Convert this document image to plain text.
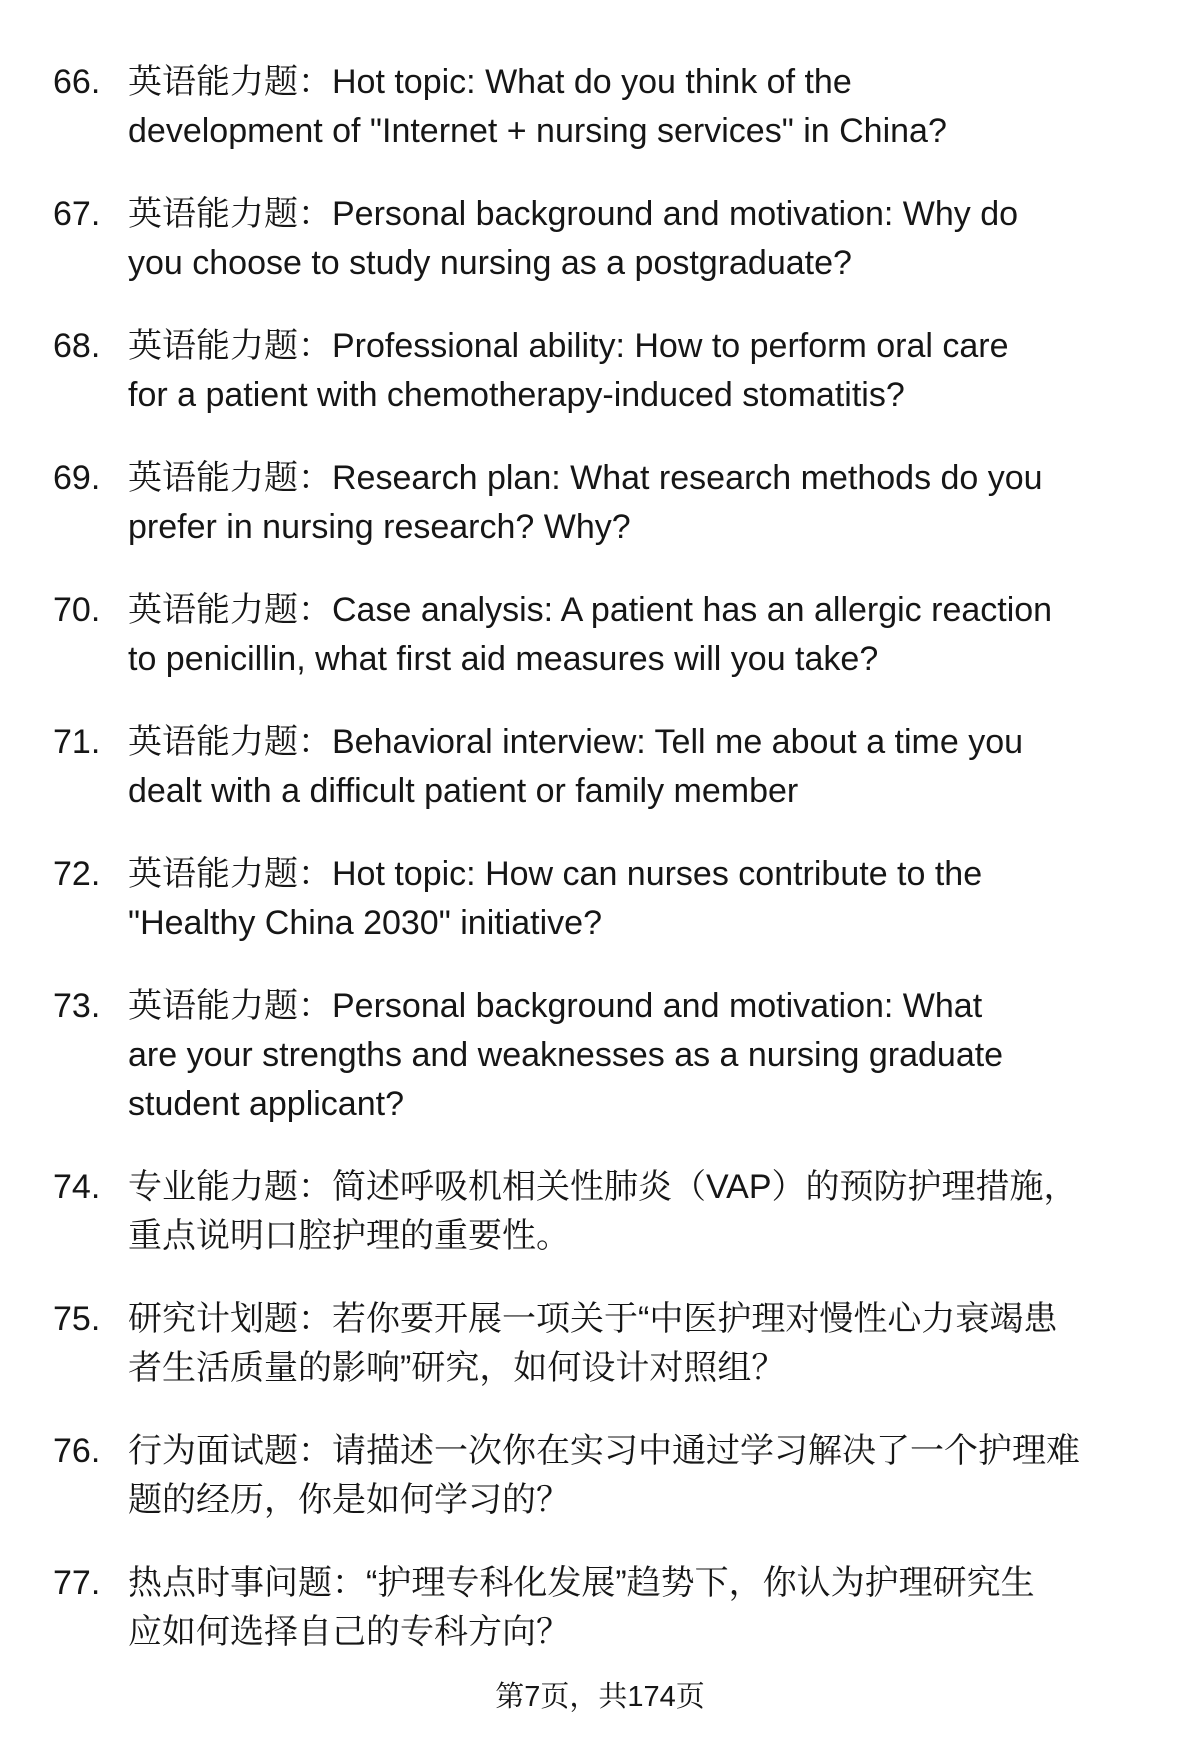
66. 英语能力题：Hot topic: What do you think of the
development of "Internet + nursing services" in China?
67. 英语能力题：Personal background and motivation: Why do
you choose to study nursing as a postgraduate?
68. 英语能力题：Professional ability: How to perform oral care
for a patient with chemotherapy-induced stomatitis?
69. 英语能力题：Research plan: What research methods do you
prefer in nursing research? Why?
70. 英语能力题：Case analysis: A patient has an allergic reaction
to penicillin, what first aid measures will you take?
71. 英语能力题：Behavioral interview: Tell me about a time you
dealt with a difficult patient or family member
72. 英语能力题：Hot topic: How can nurses contribute to the
"Healthy China 2030" initiative?
73. 英语能力题：Personal background and motivation: What
are your strengths and weaknesses as a nursing graduate
student applicant?
74. 专业能力题：简述呼吸机相关性肺炎（VAP）的预防护理措施，
重点说明口腔护理的重要性。
75. 研究计划题：若你要开展一项关于“中医护理对慢性心力衰竭患
者生活质量的影响”研究，如何设计对照组？
76. 行为面试题：请描述一次你在实习中通过学习解决了一个护理难
题的经历，你是如何学习的？
77. 热点时事问题：“护理专科化发展”趋势下，你认为护理研究生
应如何选择自己的专科方向？
第7页，共174页
